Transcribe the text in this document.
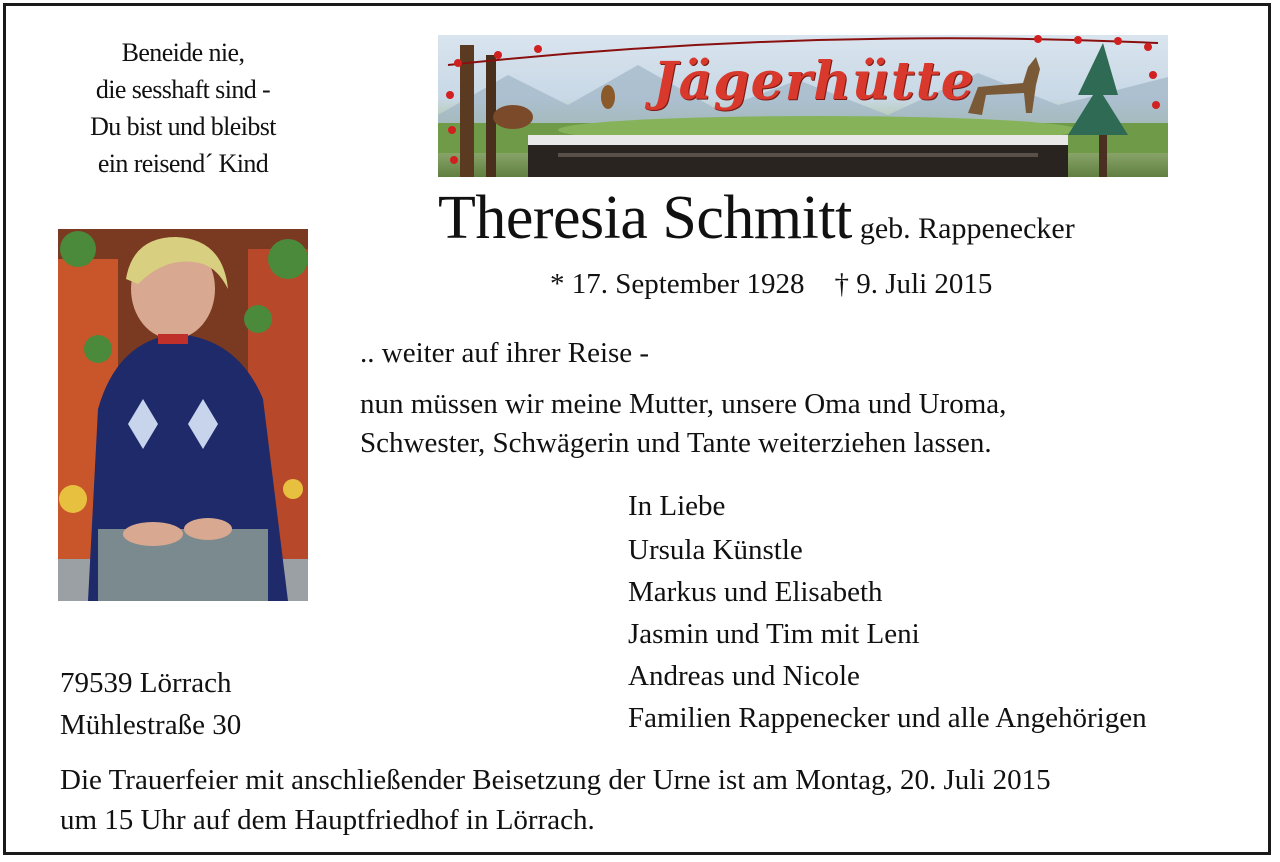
Beneide nie,
die sesshaft sind -
Du bist und bleibst
ein reisend´ Kind
Jägerhütte
Theresia Schmitt geb. Rappenecker
* 17. September 1928 † 9. Juli 2015
.. weiter auf ihrer Reise -
nun müssen wir meine Mutter, unsere Oma und Uroma,
Schwester, Schwägerin und Tante weiterziehen lassen.
In Liebe
Ursula Künstle
Markus und Elisabeth
Jasmin und Tim mit Leni
Andreas und Nicole
Familien Rappenecker und alle Angehörigen
79539 Lörrach
Mühlestraße 30
Die Trauerfeier mit anschließender Beisetzung der Urne ist am Montag, 20. Juli 2015
um 15 Uhr auf dem Hauptfriedhof in Lörrach.
